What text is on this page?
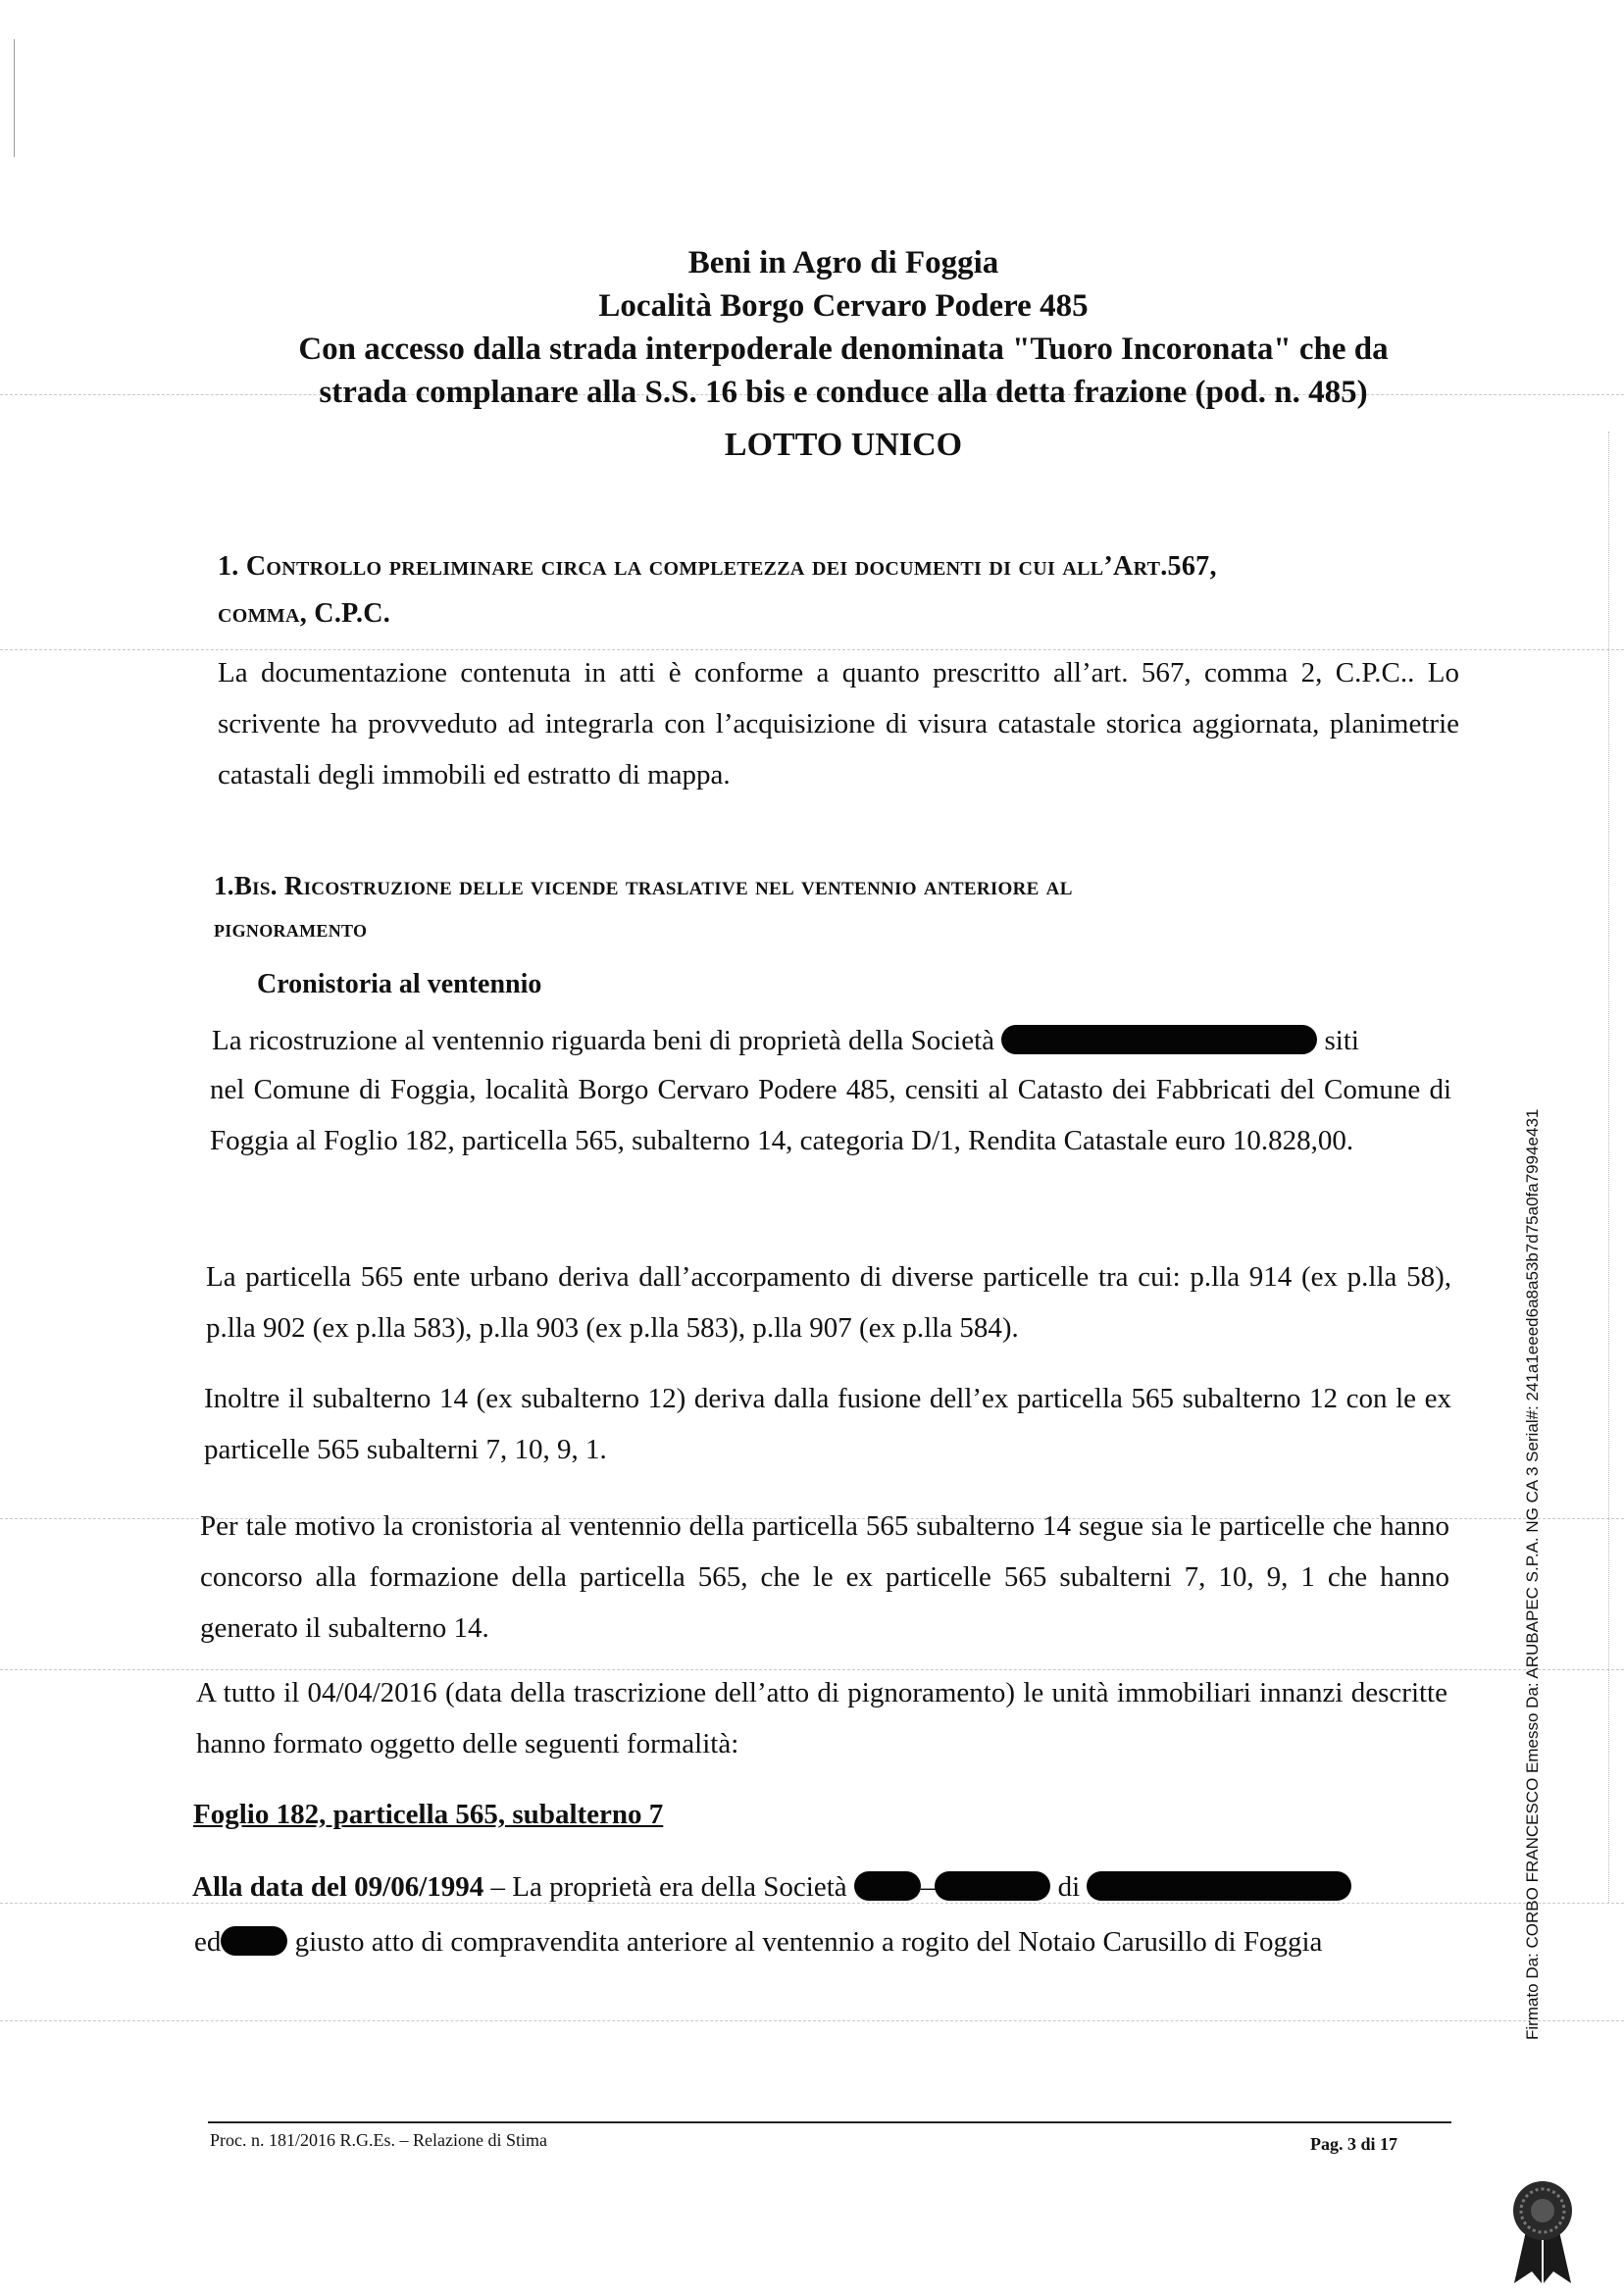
Beni in Agro di Foggia
Località Borgo Cervaro Podere 485
Con accesso dalla strada interpoderale denominata "Tuoro Incoronata" che da
strada complanare alla S.S. 16 bis e conduce alla detta frazione (pod. n. 485)
LOTTO UNICO
1. Controllo preliminare circa la completezza dei documenti di cui all’Art.567,
comma, C.P.C.
La documentazione contenuta in atti è conforme a quanto prescritto all’art. 567, comma 2, C.P.C.. Lo scrivente ha provveduto ad integrarla con l’acquisizione di visura catastale storica aggiornata, planimetrie catastali degli immobili ed estratto di mappa.
1.Bis. Ricostruzione delle vicende traslative nel ventennio anteriore al
pignoramento
Cronistoria al ventennio
La ricostruzione al ventennio riguarda beni di proprietà della Società	siti
nel Comune di Foggia, località Borgo Cervaro Podere 485, censiti al Catasto dei Fabbricati del Comune di Foggia al Foglio 182, particella 565, subalterno 14, categoria D/1, Rendita Catastale euro 10.828,00.
La particella 565 ente urbano deriva dall’accorpamento di diverse particelle tra cui: p.lla 914 (ex p.lla 58), p.lla 902 (ex p.lla 583), p.lla 903 (ex p.lla 583), p.lla 907 (ex p.lla 584).
Inoltre il subalterno 14 (ex subalterno 12) deriva dalla fusione dell’ex particella 565 subalterno 12 con le ex particelle 565 subalterni 7, 10, 9, 1.
Per tale motivo la cronistoria al ventennio della particella 565 subalterno 14 segue sia le particelle che hanno concorso alla formazione della particella 565, che le ex particelle 565 subalterni 7, 10, 9, 1 che hanno generato il subalterno 14.
A tutto il 04/04/2016 (data della trascrizione dell’atto di pignoramento) le unità immobiliari innanzi descritte hanno formato oggetto delle seguenti formalità:
Foglio 182, particella 565, subalterno 7
Alla data del 09/06/1994 – La proprietà era della Società	–	di
ed	giusto atto di compravendita anteriore al ventennio a rogito del Notaio Carusillo di Foggia
Proc. n. 181/2016 R.G.Es. – Relazione di Stima	Pag. 3 di 17
Firmato Da: CORBO FRANCESCO Emesso Da: ARUBAPEC S.P.A. NG CA 3 Serial#: 241a1eeed6a8a53b7d75a0fa7994e431
